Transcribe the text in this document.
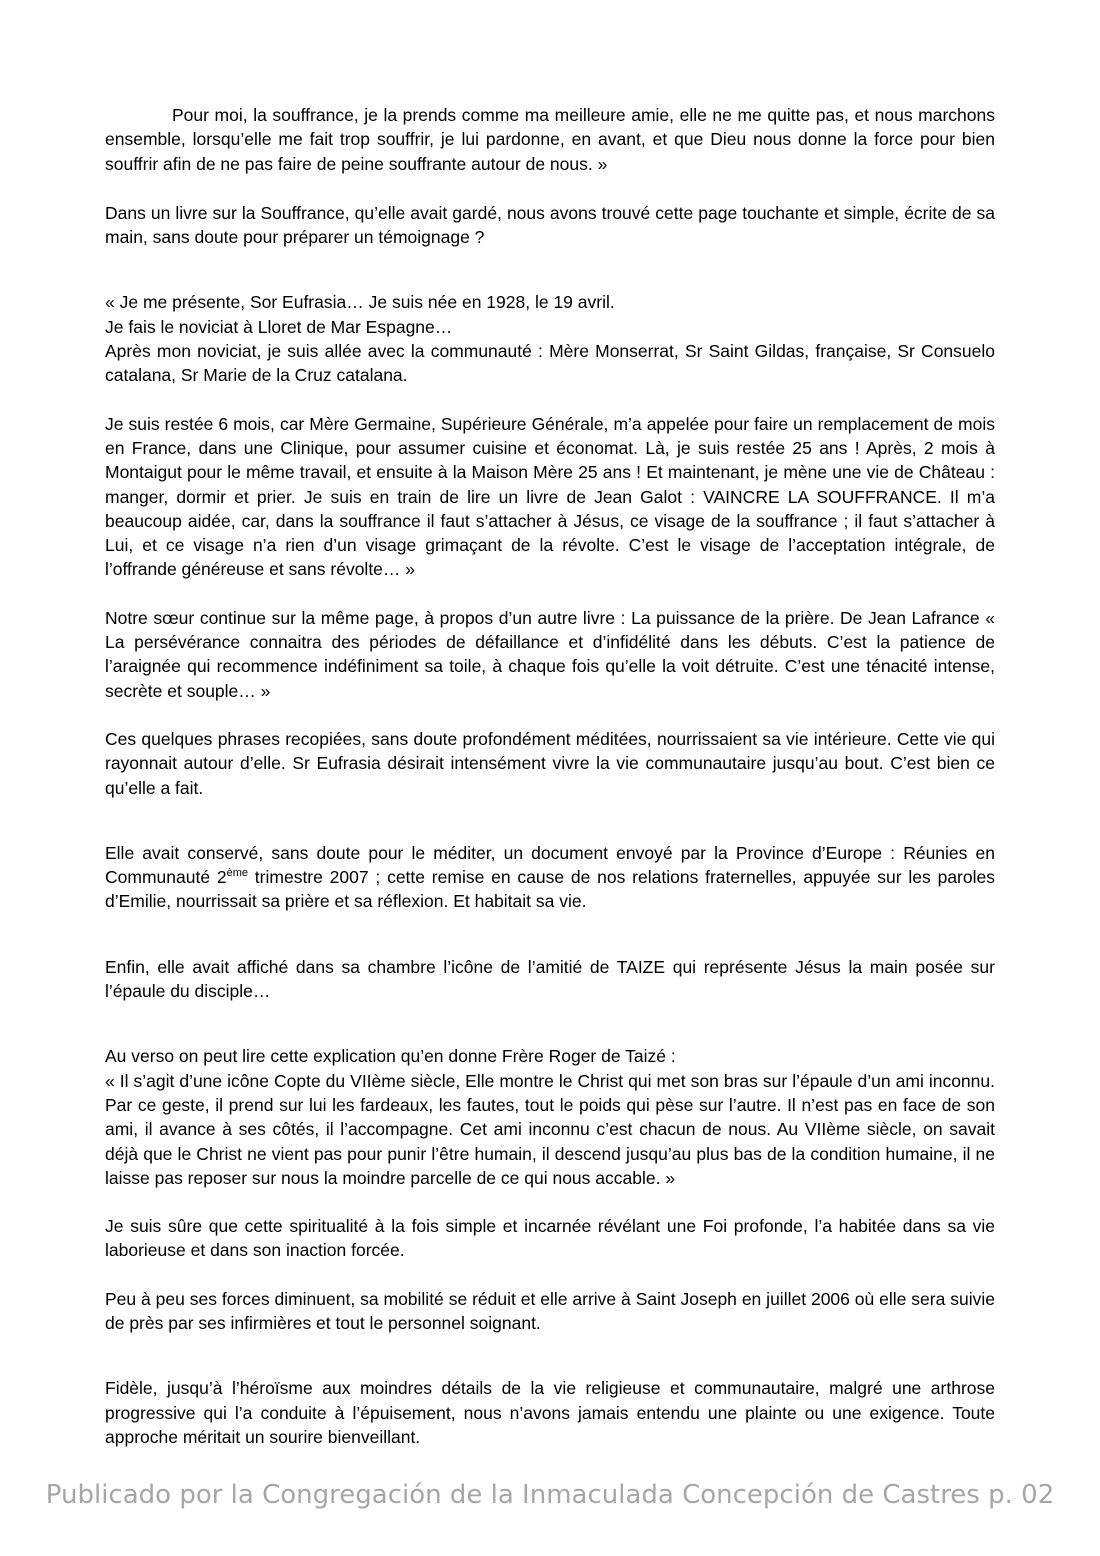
Pour moi, la souffrance, je la prends comme ma meilleure amie, elle ne me quitte pas, et nous marchons ensemble, lorsqu’elle me fait trop souffrir, je lui pardonne, en avant, et que Dieu nous donne la force pour bien souffrir afin de ne pas faire de peine souffrante autour de nous. »

Dans un livre sur la Souffrance, qu’elle avait gardé, nous avons trouvé cette page touchante et simple, écrite de sa main, sans doute pour préparer un témoignage ?

« Je me présente, Sor Eufrasia… Je suis née en 1928, le 19 avril.

Je fais le noviciat à Lloret de Mar Espagne…

Après mon noviciat, je suis allée avec la communauté : Mère Monserrat, Sr Saint Gildas, française, Sr Consuelo catalana, Sr Marie de la Cruz catalana.

Je suis restée 6 mois, car Mère Germaine, Supérieure Générale, m’a appelée pour faire un remplacement de mois en France, dans une Clinique, pour assumer cuisine et économat. Là, je suis restée 25 ans ! Après, 2 mois à Montaigut pour le même travail, et ensuite à la Maison Mère 25 ans ! Et maintenant, je mène une vie de Château : manger, dormir et prier. Je suis en train de lire un livre de Jean Galot : VAINCRE LA SOUFFRANCE. Il m’a beaucoup aidée, car, dans la souffrance il faut s’attacher à Jésus, ce visage de la souffrance ; il faut s’attacher à Lui, et ce visage n’a rien d’un visage grimaçant de la révolte. C’est le visage de l’acceptation intégrale, de l’offrande généreuse et sans révolte… »

Notre sœur continue sur la même page, à propos d’un autre livre : La puissance de la prière. De Jean Lafrance « La persévérance connaitra des périodes de défaillance et d’infidélité dans les débuts. C’est la patience de l’araignée qui recommence indéfiniment sa toile, à chaque fois qu’elle la voit détruite. C’est une ténacité intense, secrète et souple… »

Ces quelques phrases recopiées, sans doute profondément méditées, nourrissaient sa vie intérieure. Cette vie qui rayonnait autour d’elle. Sr Eufrasia désirait intensément vivre la vie communautaire jusqu’au bout. C’est bien ce qu’elle a fait.

Elle avait conservé, sans doute pour le méditer, un document envoyé par la Province d’Europe : Réunies en Communauté 2ème trimestre 2007 ; cette remise en cause de nos relations fraternelles, appuyée sur les paroles d’Emilie, nourrissait sa prière et sa réflexion. Et habitait sa vie.

Enfin, elle avait affiché dans sa chambre l’icône de l’amitié de TAIZE qui représente Jésus la main posée sur l’épaule du disciple…

Au verso on peut lire cette explication qu’en donne Frère Roger de Taizé :

« Il s’agit d’une icône Copte du VIIème siècle, Elle montre le Christ qui met son bras sur l’épaule d’un ami inconnu. Par ce geste, il prend sur lui les fardeaux, les fautes, tout le poids qui pèse sur l’autre. Il n’est pas en face de son ami, il avance à ses côtés, il l’accompagne. Cet ami inconnu c’est chacun de nous. Au VIIème siècle, on savait déjà que le Christ ne vient pas pour punir l’être humain, il descend jusqu’au plus bas de la condition humaine, il ne laisse pas reposer sur nous la moindre parcelle de ce qui nous accable. »

Je suis sûre que cette spiritualité à la fois simple et incarnée révélant une Foi profonde, l’a habitée dans sa vie laborieuse et dans son inaction forcée.

Peu à peu ses forces diminuent, sa mobilité se réduit et elle arrive à Saint Joseph en juillet 2006 où elle sera suivie de près par ses infirmières et tout le personnel soignant.

Fidèle, jusqu’à l’héroïsme aux moindres détails de la vie religieuse et communautaire, malgré une arthrose progressive qui l’a conduite à l’épuisement, nous n’avons jamais entendu une plainte ou une exigence. Toute approche méritait un sourire bienveillant.

Publicado por la Congregación de la Inmaculada Concepción de Castres p. 02
